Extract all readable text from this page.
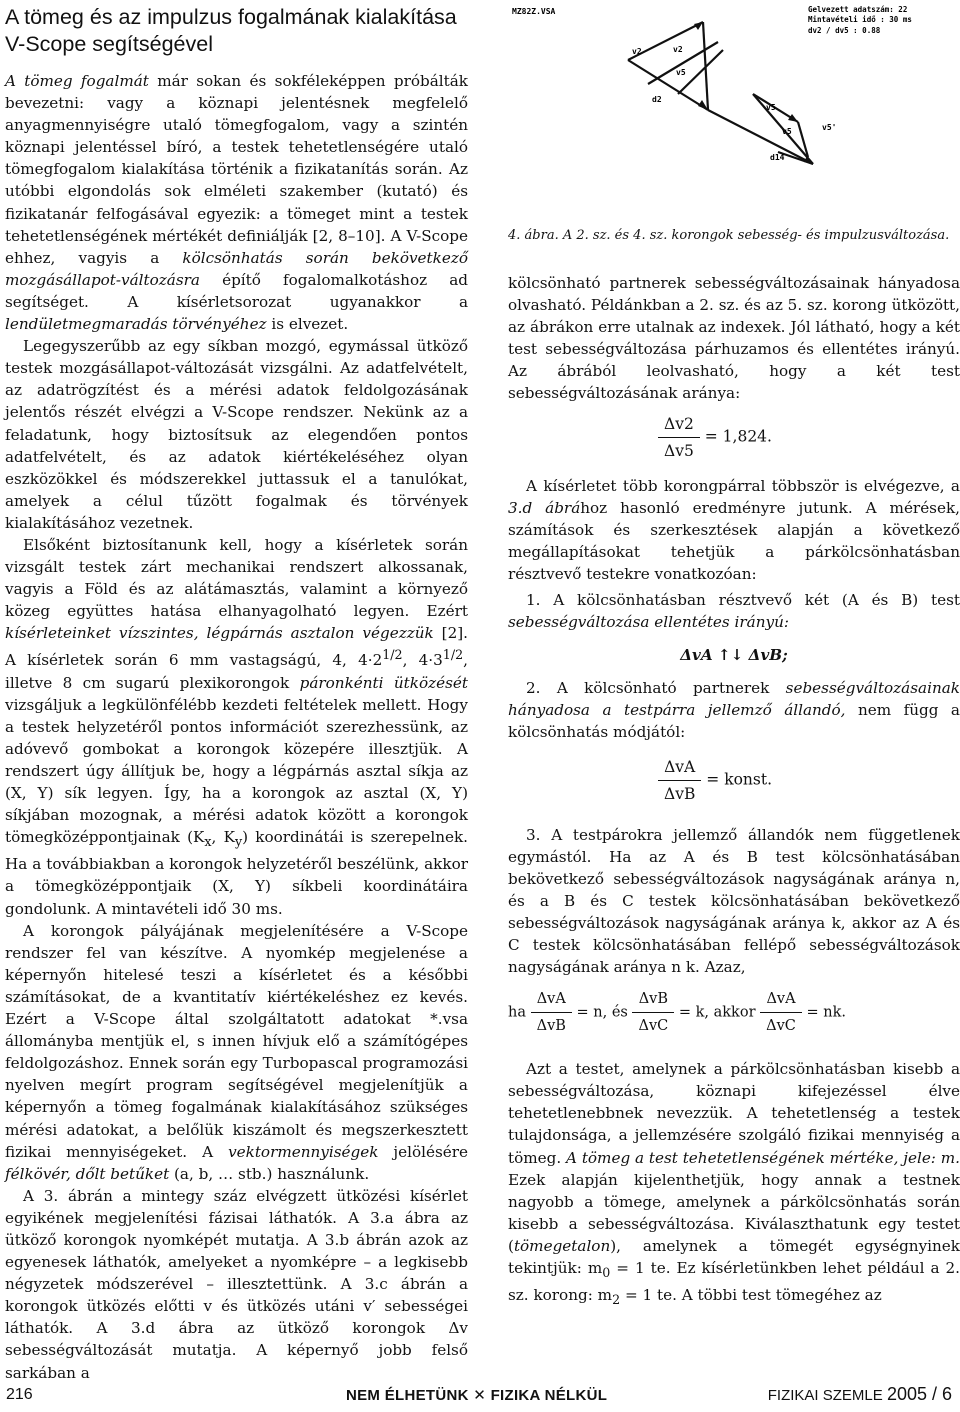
A tömeg és az impulzus fogalmának kialakítása
V-Scope segítségével

A tömeg fogalmát már sokan és sokféleképpen próbálták bevezetni: vagy a köznapi jelentésnek megfelelő anyagmennyiségre utaló tömegfogalom, vagy a szintén köznapi jelentéssel bíró, a testek tehetetlenségére utaló tömegfogalom kialakítása történik a fizikatanítás során. Az utóbbi elgondolás sok elméleti szakember (kutató) és fizikatanár felfogásával egyezik: a tömeget mint a testek tehetetlenségének mértékét definiálják [2, 8–10]. A V-Scope ehhez, vagyis a kölcsönhatás során bekövetkező mozgásállapot-változásra építő fogalomalkotáshoz ad segítséget. A kísérletsorozat ugyanakkor a lendületmegmaradás törvényéhez is elvezet.

Legegyszerűbb az egy síkban mozgó, egymással ütköző testek mozgásállapot-változását vizsgálni. Az adatfelvételt, az adatrögzítést és a mérési adatok feldolgozásának jelentős részét elvégzi a V-Scope rendszer. Nekünk az a feladatunk, hogy biztosítsuk az elegendően pontos adatfelvételt, és az adatok kiértékeléséhez olyan eszközökkel és módszerekkel juttassuk el a tanulókat, amelyek a célul tűzött fogalmak és törvények kialakításához vezetnek.

Elsőként biztosítanunk kell, hogy a kísérletek során vizsgált testek zárt mechanikai rendszert alkossanak, vagyis a Föld és az alátámasztás, valamint a környező közeg együttes hatása elhanyagolható legyen. Ezért kísérleteinket vízszintes, légpárnás asztalon végezzük [2]. A kísérletek során 6 mm vastagságú, 4, $4\cdot 2^{1/2}$, $4\cdot 3^{1/2}$, illetve 8 cm sugarú plexikorongok páronkénti ütközését vizsgáljuk a legkülönfélébb kezdeti feltételek mellett. Hogy a testek helyzetéről pontos információt szerezhessünk, az adóvevő gombokat a korongok közepére illesztjük. A rendszert úgy állítjuk be, hogy a légpárnás asztal síkja az (X, Y) sík legyen. Így, ha a korongok az asztal (X, Y) síkjában mozognak, a mérési adatok között a korongok tömegközéppontjainak ($K_x$, $K_y$) koordinátái is szerepelnek. Ha a továbbiakban a korongok helyzetéről beszélünk, akkor a tömegközéppontjaik (X, Y) síkbeli koordinátáira gondolunk. A mintavételi idő 30 ms.

A korongok pályájának megjelenítésére a V-Scope rendszer fel van készítve. A nyomkép megjelenése a képernyőn hitelesé teszi a kísérletet és a későbbi számításokat, de a kvantitatív kiértékeléshez ez kevés. Ezért a V-Scope által szolgáltatott adatokat *.vsa állományba mentjük el, s innen hívjuk elő a számítógépes feldolgozáshoz. Ennek során egy Turbopascal programozási nyelven megírt program segítségével megjelenítjük a képernyőn a tömeg fogalmának kialakításához szükséges mérési adatokat, a belőlük kiszámolt és megszerkesztett fizikai mennyiségeket. A vektormennyiségek jelölésére félkövér, dőlt betűket (a, b, … stb.) használunk.

A 3. ábrán a mintegy száz elvégzett ütközési kísérlet egyikének megjelenítési fázisai láthatók. A 3.a ábra az ütköző korongok nyomképét mutatja. A 3.b ábrán azok az egyenesek láthatók, amelyeket a nyomképre – a legkisebb négyzetek módszerével – illesztettünk. A 3.c ábrán a korongok ütközés előtti v és ütközés utáni v′ sebességei láthatók. A 3.d ábra az ütköző korongok Δv sebességváltozását mutatja. A képernyő jobb felső sarkában a

MZ82Z.VSA	Gelvezett adatszám: 22
Mintavételi idő : 30 ms
dv2 / dv5 : 0.88
v2	v2
v5
d2
v5
d14
v5'
v5
4. ábra. A 2. sz. és 4. sz. korongok sebesség- és impulzusváltozása.

kölcsönható partnerek sebességváltozásainak hányadosa olvasható. Példánkban a 2. sz. és az 5. sz. korong ütközött, az ábrákon erre utalnak az indexek. Jól látható, hogy a két test sebességváltozása párhuzamos és ellentétes irányú. Az ábrából leolvasható, hogy a két test sebességváltozásának aránya:

$\frac{\Delta v2}{\Delta v5} = 1,824$.

A kísérletet több korongpárral többször is elvégezve, a 3.d ábrához hasonló eredményre jutunk. A mérések, számítások és szerkesztések alapján a következő megállapításokat tehetjük a párkölcsönhatásban résztvevő testekre vonatkozóan:

1. A kölcsönhatásban résztvevő két (A és B) test sebességváltozása ellentétes irányú:

ΔvA ↑↓ ΔvB;

2. A kölcsönható partnerek sebességváltozásainak hányadosa a testpárra jellemző állandó, nem függ a kölcsönhatás módjától:

$\frac{\text{ΔvA}}{\text{ΔvB}}$ = konst.

3. A testpárokra jellemző állandók nem függetlenek egymástól. Ha az A és B test kölcsönhatásában bekövetkező sebességváltozások nagyságának aránya n, és a B és C testek kölcsönhatásában bekövetkező sebességváltozások nagyságának aránya k, akkor az A és C testek kölcsönhatásában fellépő sebességváltozások nagyságának aránya n k. Azaz,

ha $\frac{\text{ΔvA}}{\text{ΔvB}} = n$, és $\frac{\text{ΔvB}}{\text{ΔvC}} = k$, akkor $\frac{\text{ΔvA}}{\text{ΔvC}}$ = nk.

Azt a testet, amelynek a párkölcsönhatásban kisebb a sebességváltozása, köznapi kifejezéssel élve tehetetlenebbnek nevezzük. A tehetetlenség a testek tulajdonsága, a jellemzésére szolgáló fizikai mennyiség a tömeg. A tömeg a test tehetetlenségének mértéke, jele: m. Ezek alapján kijelenthetjük, hogy annak a testnek nagyobb a tömege, amelynek a párkölcsönhatás során kisebb a sebességváltozása. Kiválaszthatunk egy testet (tömegetalon), amelynek a tömegét egységnyinek tekintjük: $m_0 = 1$ te. Ez kísérletünkben lehet például a 2. sz. korong: $m_2 = 1$ te. A többi test tömegéhez az

216	NEM ÉLHETÜNK ✕ FIZIKA NÉLKÜL	FIZIKAI SZEMLE 2005 / 6
